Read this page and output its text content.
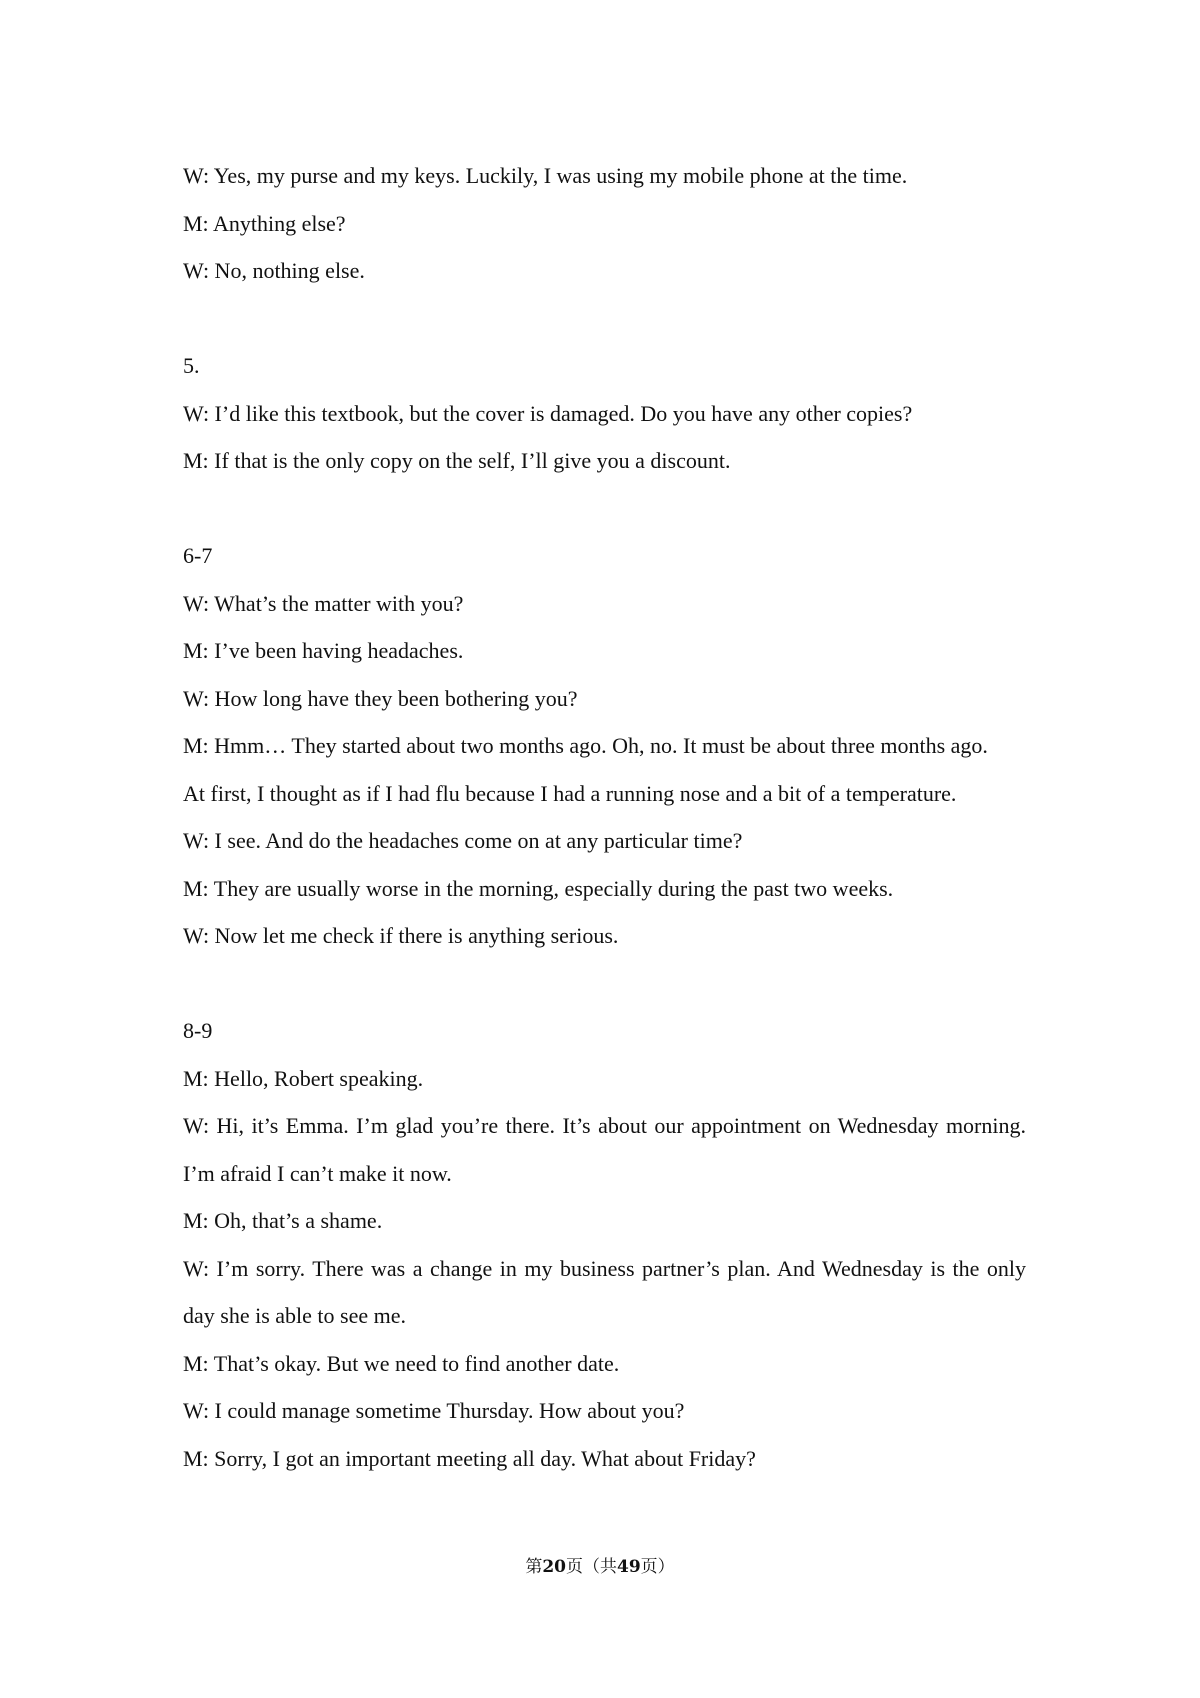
W: Yes, my purse and my keys. Luckily, I was using my mobile phone at the time.

M: Anything else?

W: No, nothing else.

5.

W: I’d like this textbook, but the cover is damaged. Do you have any other copies?

M: If that is the only copy on the self, I’ll give you a discount.

6-7

W: What’s the matter with you?

M: I’ve been having headaches.

W: How long have they been bothering you?

M: Hmm… They started about two months ago. Oh, no. It must be about three months ago.

At first, I thought as if I had flu because I had a running nose and a bit of a temperature.

W: I see. And do the headaches come on at any particular time?

M: They are usually worse in the morning, especially during the past two weeks.

W: Now let me check if there is anything serious.

8-9

M: Hello, Robert speaking.

W: Hi, it’s Emma. I’m glad you’re there. It’s about our appointment on Wednesday morning. I’m afraid I can’t make it now.

M: Oh, that’s a shame.

W: I’m sorry. There was a change in my business partner’s plan. And Wednesday is the only day she is able to see me.

M: That’s okay. But we need to find another date.

W: I could manage sometime Thursday. How about you?

M: Sorry, I got an important meeting all day. What about Friday?

第20页（共49页）
